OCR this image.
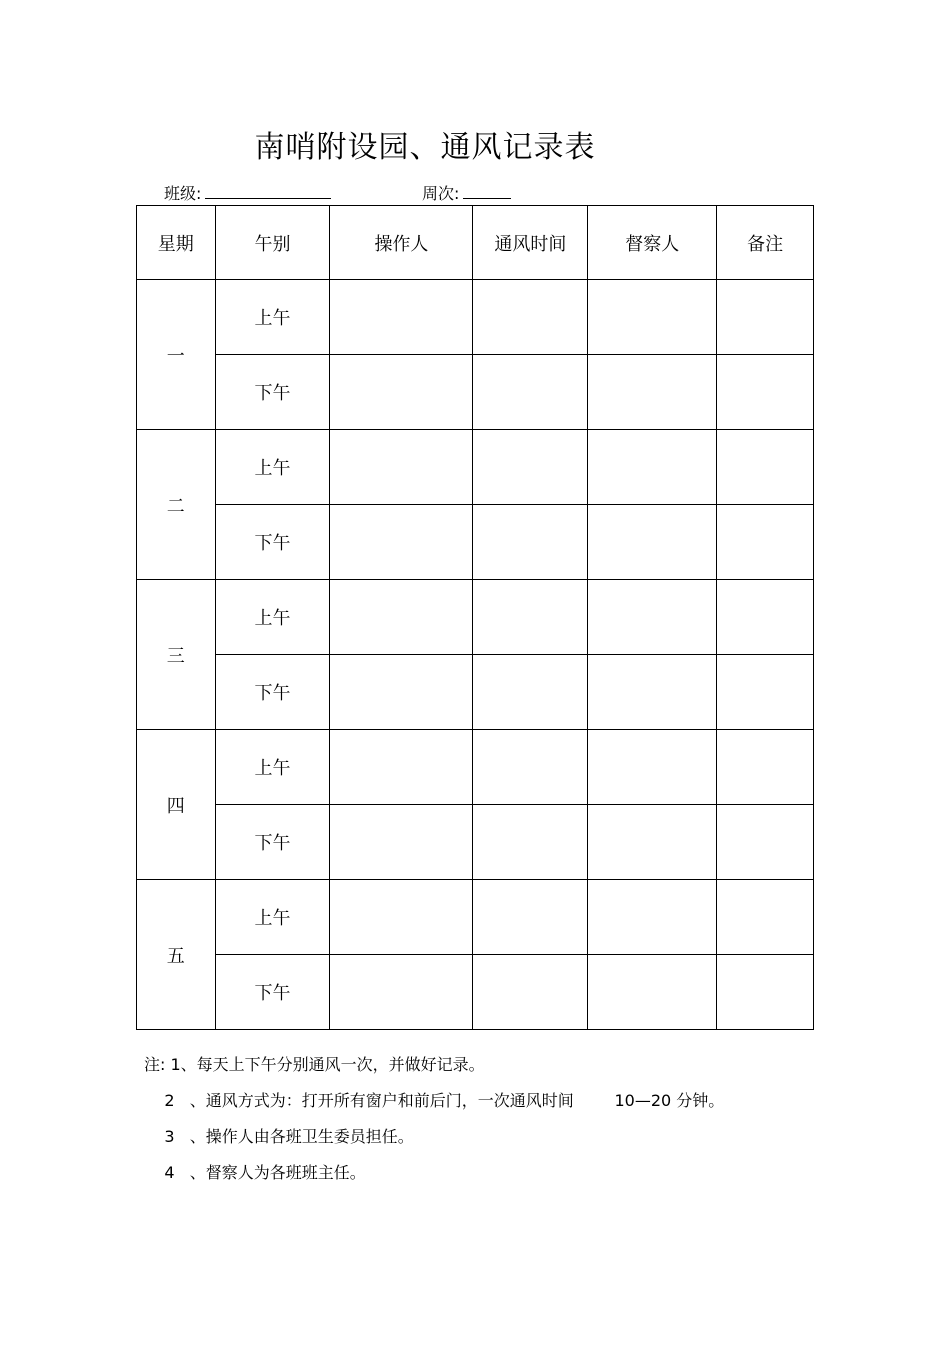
南哨附设园、通风记录表
班级:	周次:
星期	午别	操作人	通风时间	督察人	备注
一	上午				
	下午				
二	上午				
	下午				
三	上午				
	下午				
四	上午				
	下午				
五	上午				
	下午				
注: 1、每天上下午分别通风一次，并做好记录。
2   、通风方式为：打开所有窗户和前后门，一次通风时间        10—20 分钟。
3   、操作人由各班卫生委员担任。
4   、督察人为各班班主任。
